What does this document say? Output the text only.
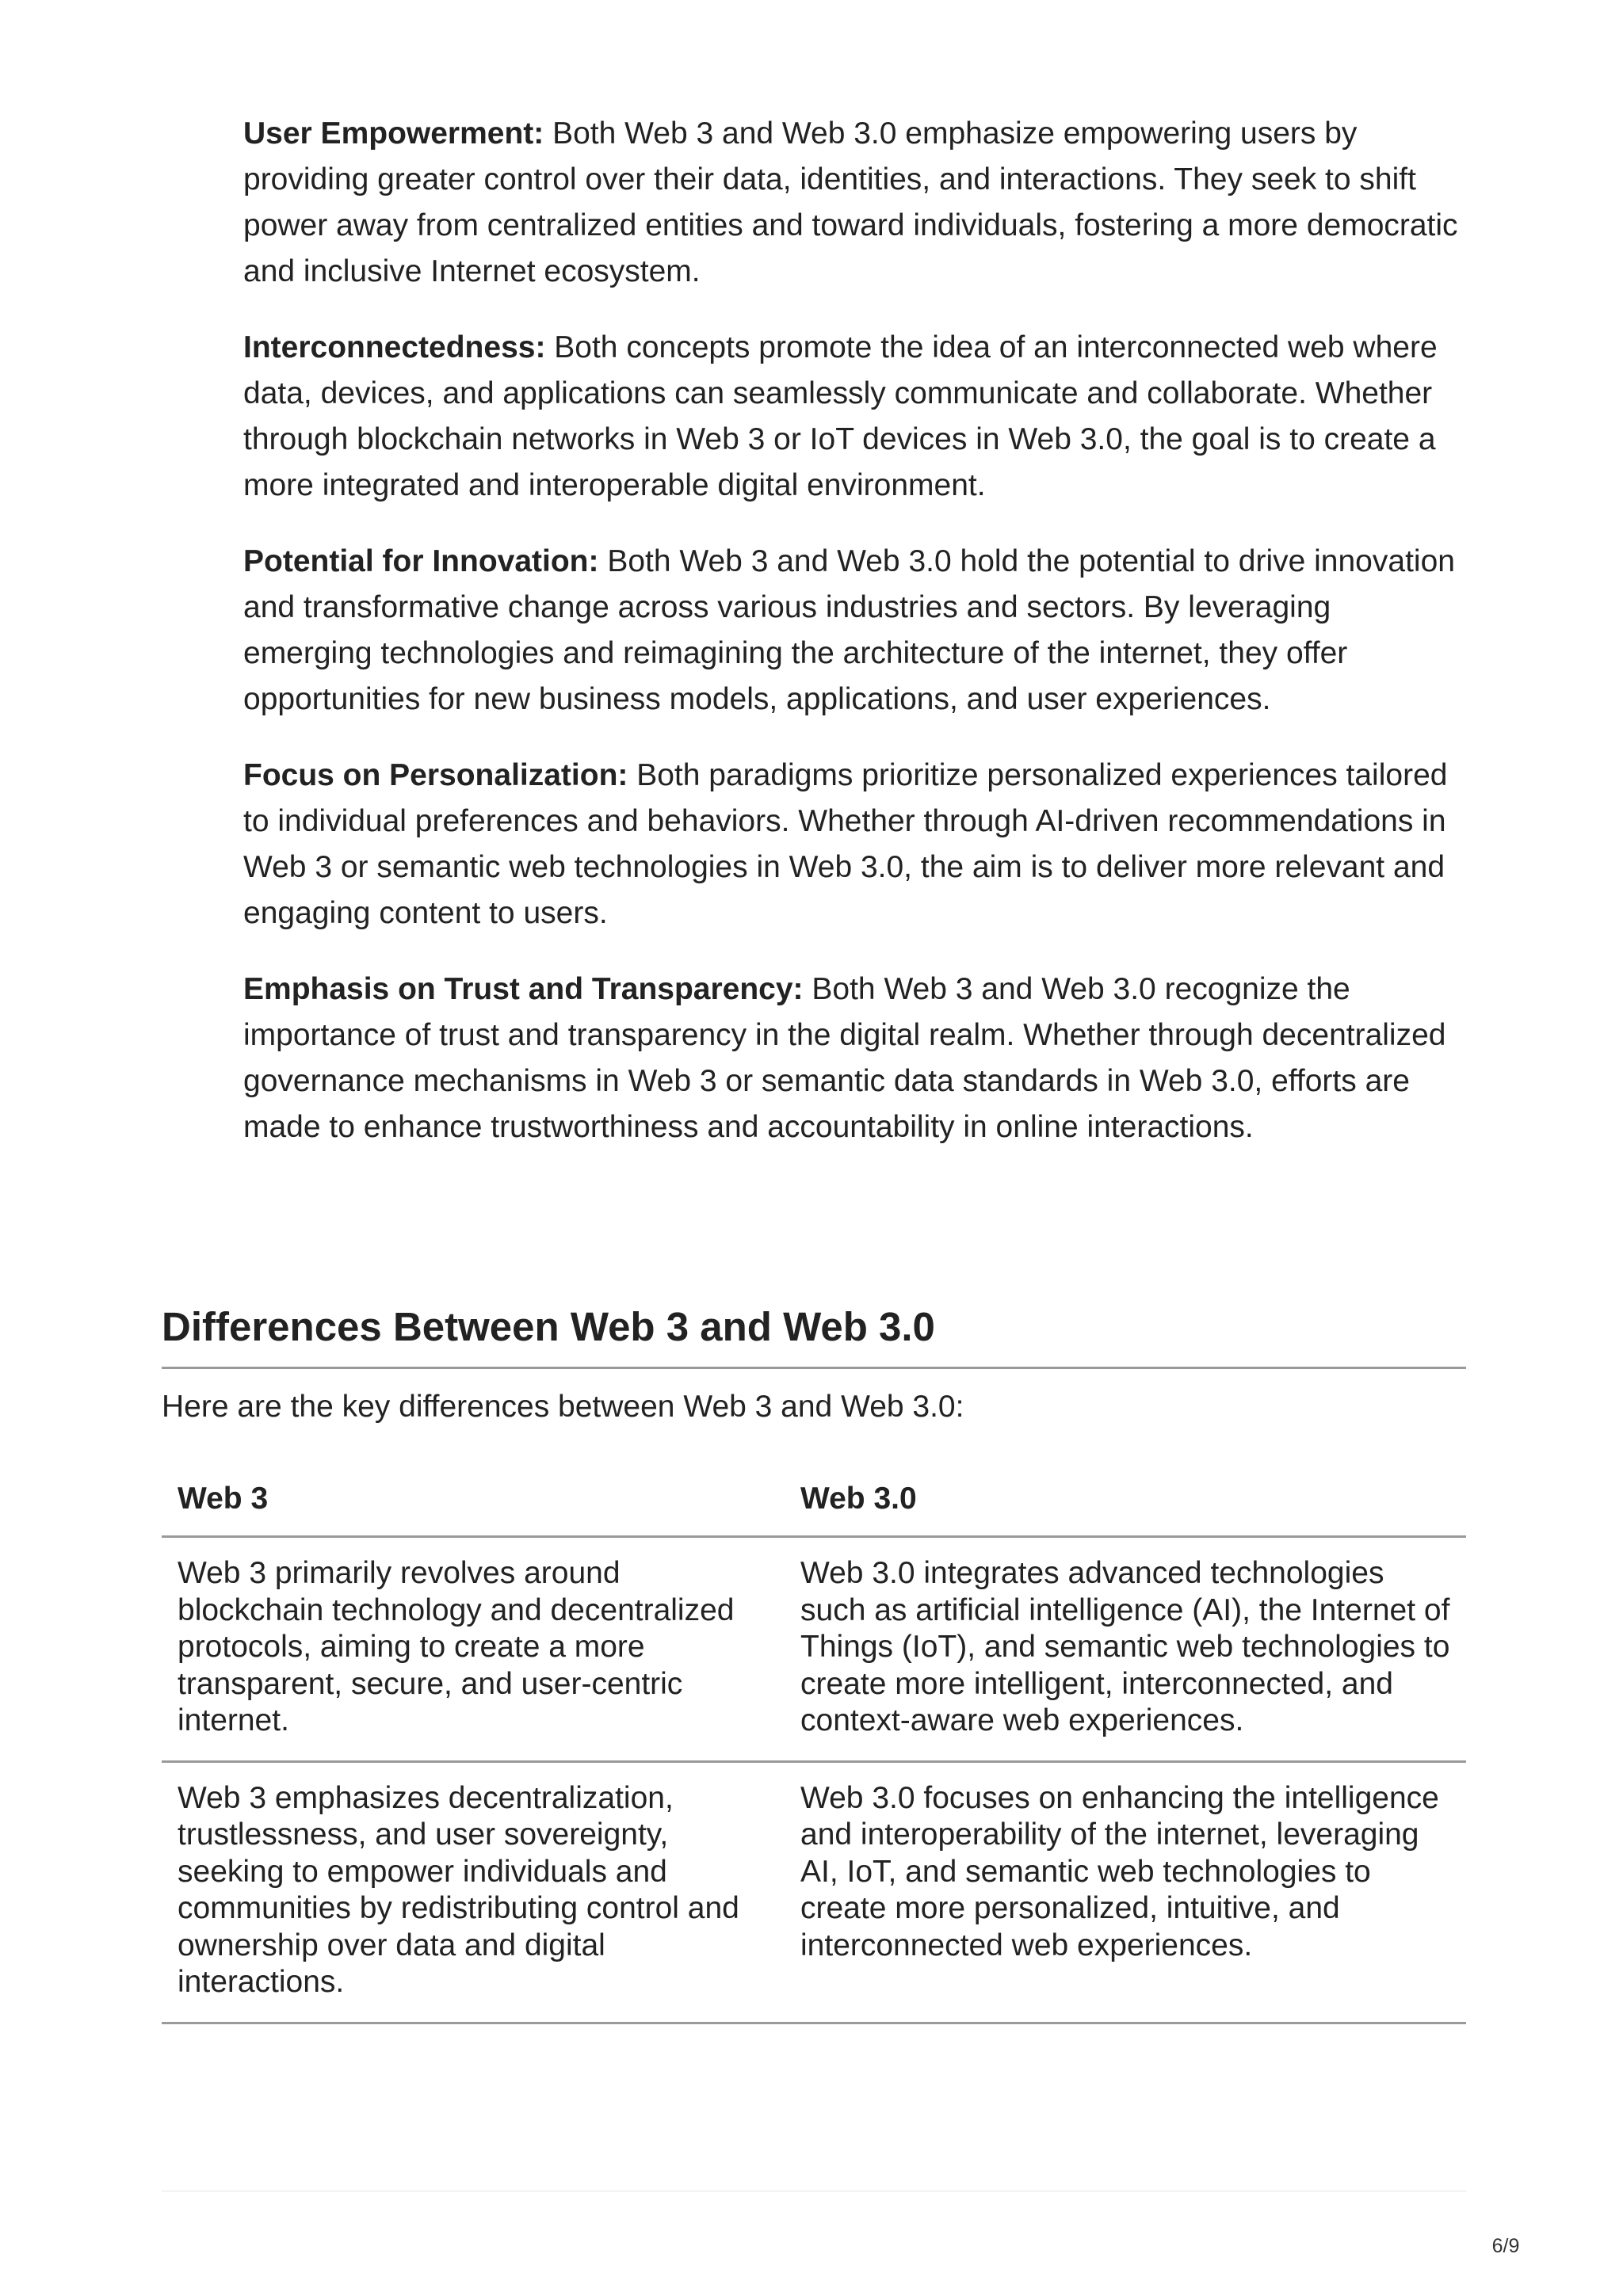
User Empowerment: Both Web 3 and Web 3.0 emphasize empowering users by providing greater control over their data, identities, and interactions. They seek to shift power away from centralized entities and toward individuals, fostering a more democratic and inclusive Internet ecosystem.

Interconnectedness: Both concepts promote the idea of an interconnected web where data, devices, and applications can seamlessly communicate and collaborate. Whether through blockchain networks in Web 3 or IoT devices in Web 3.0, the goal is to create a more integrated and interoperable digital environment.

Potential for Innovation: Both Web 3 and Web 3.0 hold the potential to drive innovation and transformative change across various industries and sectors. By leveraging emerging technologies and reimagining the architecture of the internet, they offer opportunities for new business models, applications, and user experiences.

Focus on Personalization: Both paradigms prioritize personalized experiences tailored to individual preferences and behaviors. Whether through AI-driven recommendations in Web 3 or semantic web technologies in Web 3.0, the aim is to deliver more relevant and engaging content to users.

Emphasis on Trust and Transparency: Both Web 3 and Web 3.0 recognize the importance of trust and transparency in the digital realm. Whether through decentralized governance mechanisms in Web 3 or semantic data standards in Web 3.0, efforts are made to enhance trustworthiness and accountability in online interactions.

Differences Between Web 3 and Web 3.0

Here are the key differences between Web 3 and Web 3.0:

Web 3	Web 3.0
Web 3 primarily revolves around blockchain technology and decentralized protocols, aiming to create a more transparent, secure, and user-centric internet.	Web 3.0 integrates advanced technologies such as artificial intelligence (AI), the Internet of Things (IoT), and semantic web technologies to create more intelligent, interconnected, and context-aware web experiences.
Web 3 emphasizes decentralization, trustlessness, and user sovereignty, seeking to empower individuals and communities by redistributing control and ownership over data and digital interactions.	Web 3.0 focuses on enhancing the intelligence and interoperability of the internet, leveraging AI, IoT, and semantic web technologies to create more personalized, intuitive, and interconnected web experiences.
6/9
